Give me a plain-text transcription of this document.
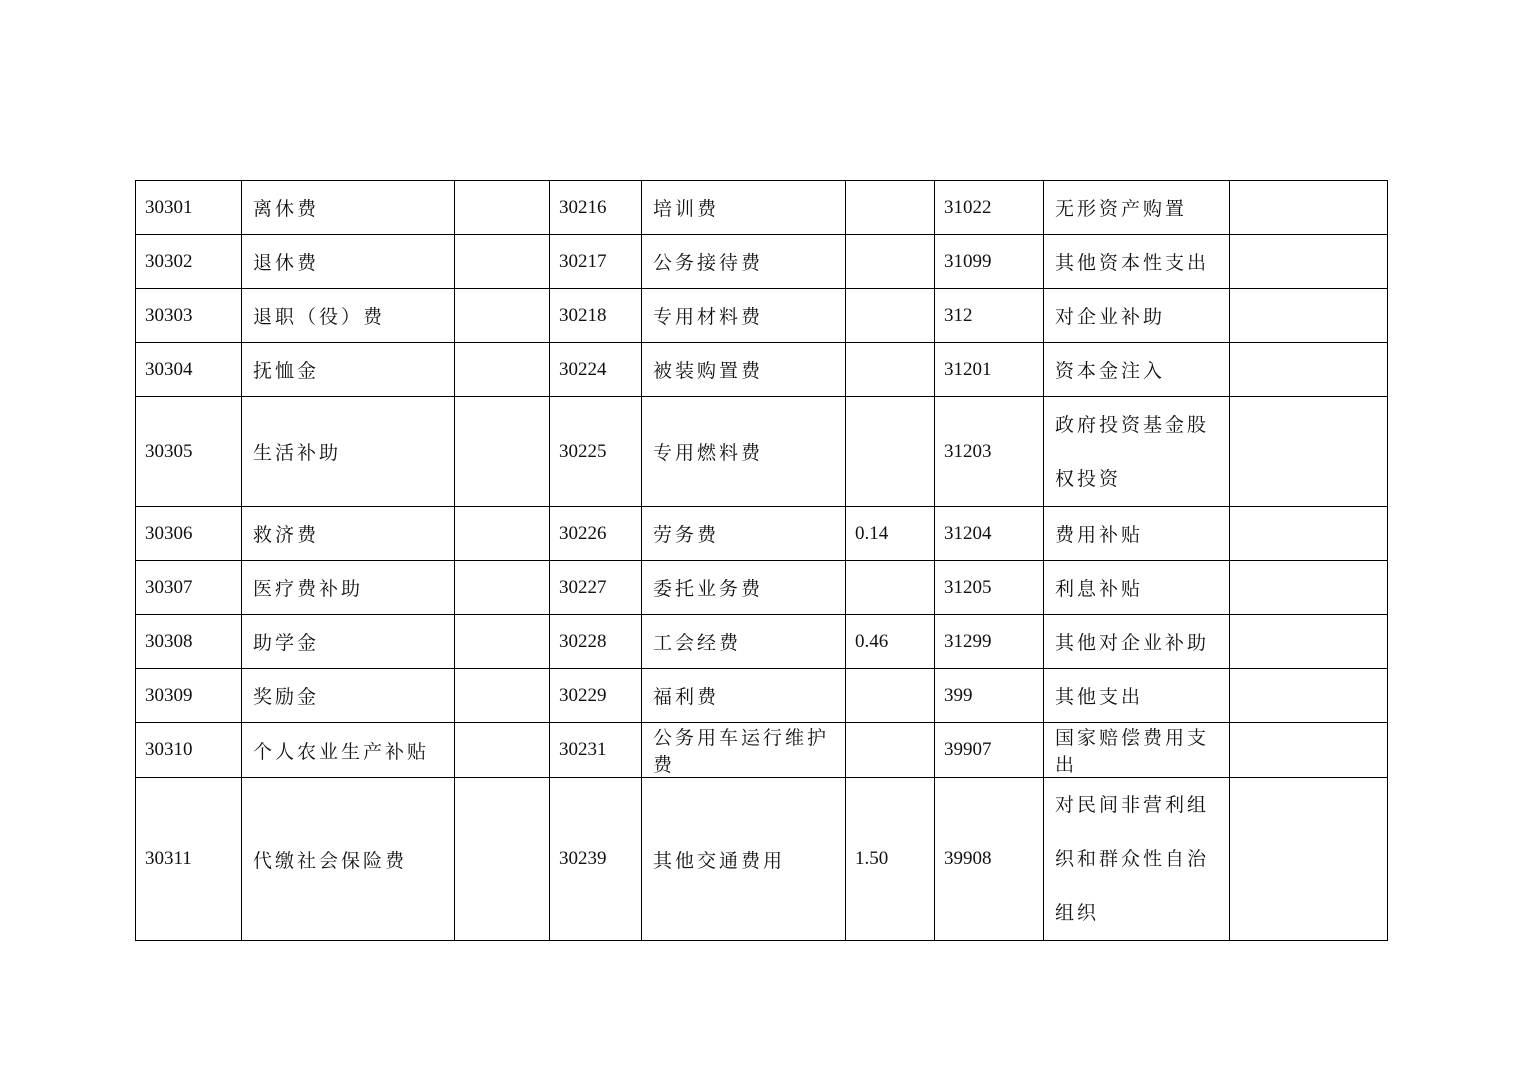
30301	离休费		30216	培训费		31022	无形资产购置	
30302	退休费		30217	公务接待费		31099	其他资本性支出	
30303	退职（役）费		30218	专用材料费		312	对企业补助	
30304	抚恤金		30224	被装购置费		31201	资本金注入	
30305	生活补助		30225	专用燃料费		31203	政府投资基金股权投资	
30306	救济费		30226	劳务费	0.14	31204	费用补贴	
30307	医疗费补助		30227	委托业务费		31205	利息补贴	
30308	助学金		30228	工会经费	0.46	31299	其他对企业补助	
30309	奖励金		30229	福利费		399	其他支出	
30310	个人农业生产补贴		30231	公务用车运行维护费		39907	国家赔偿费用支出	
30311	代缴社会保险费		30239	其他交通费用	1.50	39908	对民间非营利组织和群众性自治组织	
